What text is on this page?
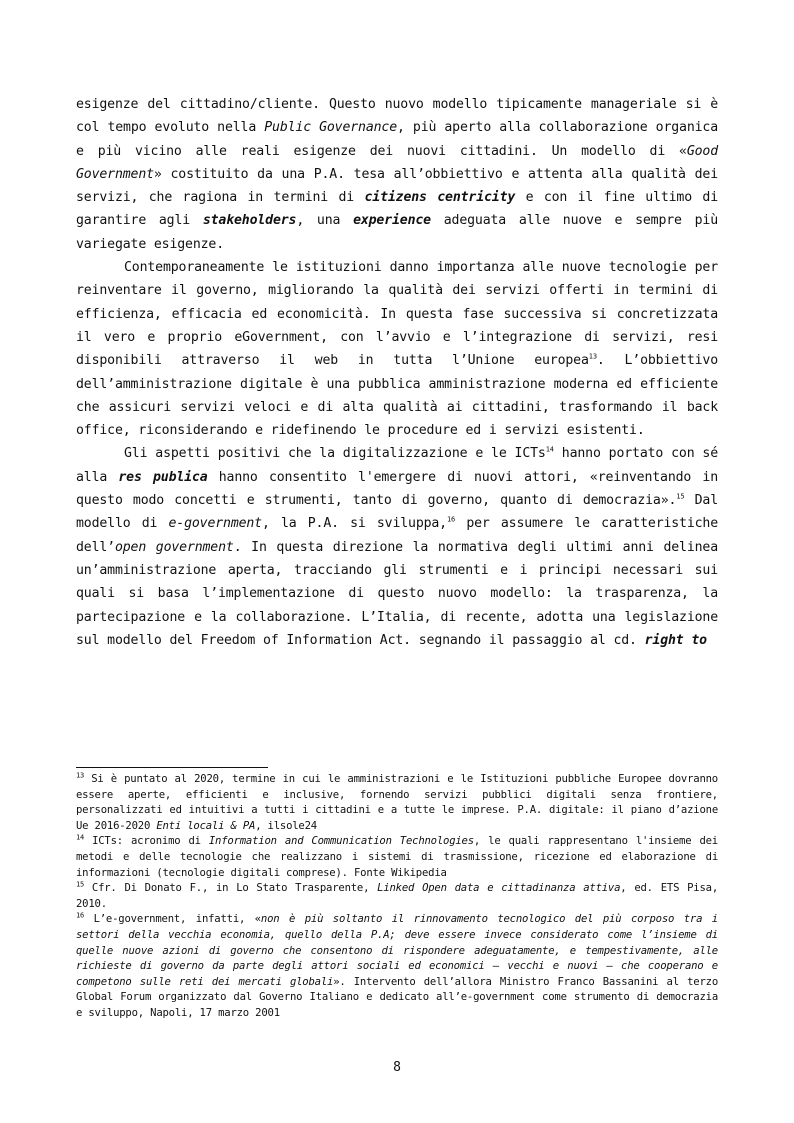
esigenze del cittadino/cliente. Questo nuovo modello tipicamente manageriale si è col tempo evoluto nella Public Governance, più aperto alla collaborazione organica e più vicino alle reali esigenze dei nuovi cittadini. Un modello di «Good Government» costituito da una P.A. tesa all’obbiettivo e attenta alla qualità dei servizi, che ragiona in termini di citizens centricity e con il fine ultimo di garantire agli stakeholders, una experience adeguata alle nuove e sempre più variegate esigenze.

Contemporaneamente le istituzioni danno importanza alle nuove tecnologie per reinventare il governo, migliorando la qualità dei servizi offerti in termini di efficienza, efficacia ed economicità. In questa fase successiva si concretizzata il vero e proprio eGovernment, con l’avvio e l’integrazione di servizi, resi disponibili attraverso il web in tutta l’Unione europea$^{13}$. L’obbiettivo dell’amministrazione digitale è una pubblica amministrazione moderna ed efficiente che assicuri servizi veloci e di alta qualità ai cittadini, trasformando il back office, riconsiderando e ridefinendo le procedure ed i servizi esistenti.

Gli aspetti positivi che la digitalizzazione e le ICTs$^{14}$ hanno portato con sé alla res publica hanno consentito l'emergere di nuovi attori, «reinventando in questo modo concetti e strumenti, tanto di governo, quanto di democrazia».$^{15}$ Dal modello di e-government, la P.A. si sviluppa,$^{16}$ per assumere le caratteristiche dell’open government. In questa direzione la normativa degli ultimi anni delinea un’amministrazione aperta, tracciando gli strumenti e i principi necessari sui quali si basa l’implementazione di questo nuovo modello: la trasparenza, la partecipazione e la collaborazione. L’Italia, di recente, adotta una legislazione sul modello del Freedom of Information Act. segnando il passaggio al cd. right to

$^{13}$ Si è puntato al 2020, termine in cui le amministrazioni e le Istituzioni pubbliche Europee dovranno essere aperte, efficienti e inclusive, fornendo servizi pubblici digitali senza frontiere, personalizzati ed intuitivi a tutti i cittadini e a tutte le imprese. P.A. digitale: il piano d’azione Ue 2016-2020 Enti locali & PA, ilsole24

$^{14}$ ICTs: acronimo di Information and Communication Technologies, le quali rappresentano l'insieme dei metodi e delle tecnologie che realizzano i sistemi di trasmissione, ricezione ed elaborazione di informazioni (tecnologie digitali comprese). Fonte Wikipedia

$^{15}$ Cfr. Di Donato F., in Lo Stato Trasparente, Linked Open data e cittadinanza attiva, ed. ETS Pisa, 2010.

$^{16}$ L’e-government, infatti, «non è più soltanto il rinnovamento tecnologico del più corposo tra i settori della vecchia economia, quello della P.A; deve essere invece considerato come l’insieme di quelle nuove azioni di governo che consentono di rispondere adeguatamente, e tempestivamente, alle richieste di governo da parte degli attori sociali ed economici — vecchi e nuovi — che cooperano e competono sulle reti dei mercati globali». Intervento dell’allora Ministro Franco Bassanini al terzo Global Forum organizzato dal Governo Italiano e dedicato all’e-government come strumento di democrazia e sviluppo, Napoli, 17 marzo 2001

8
